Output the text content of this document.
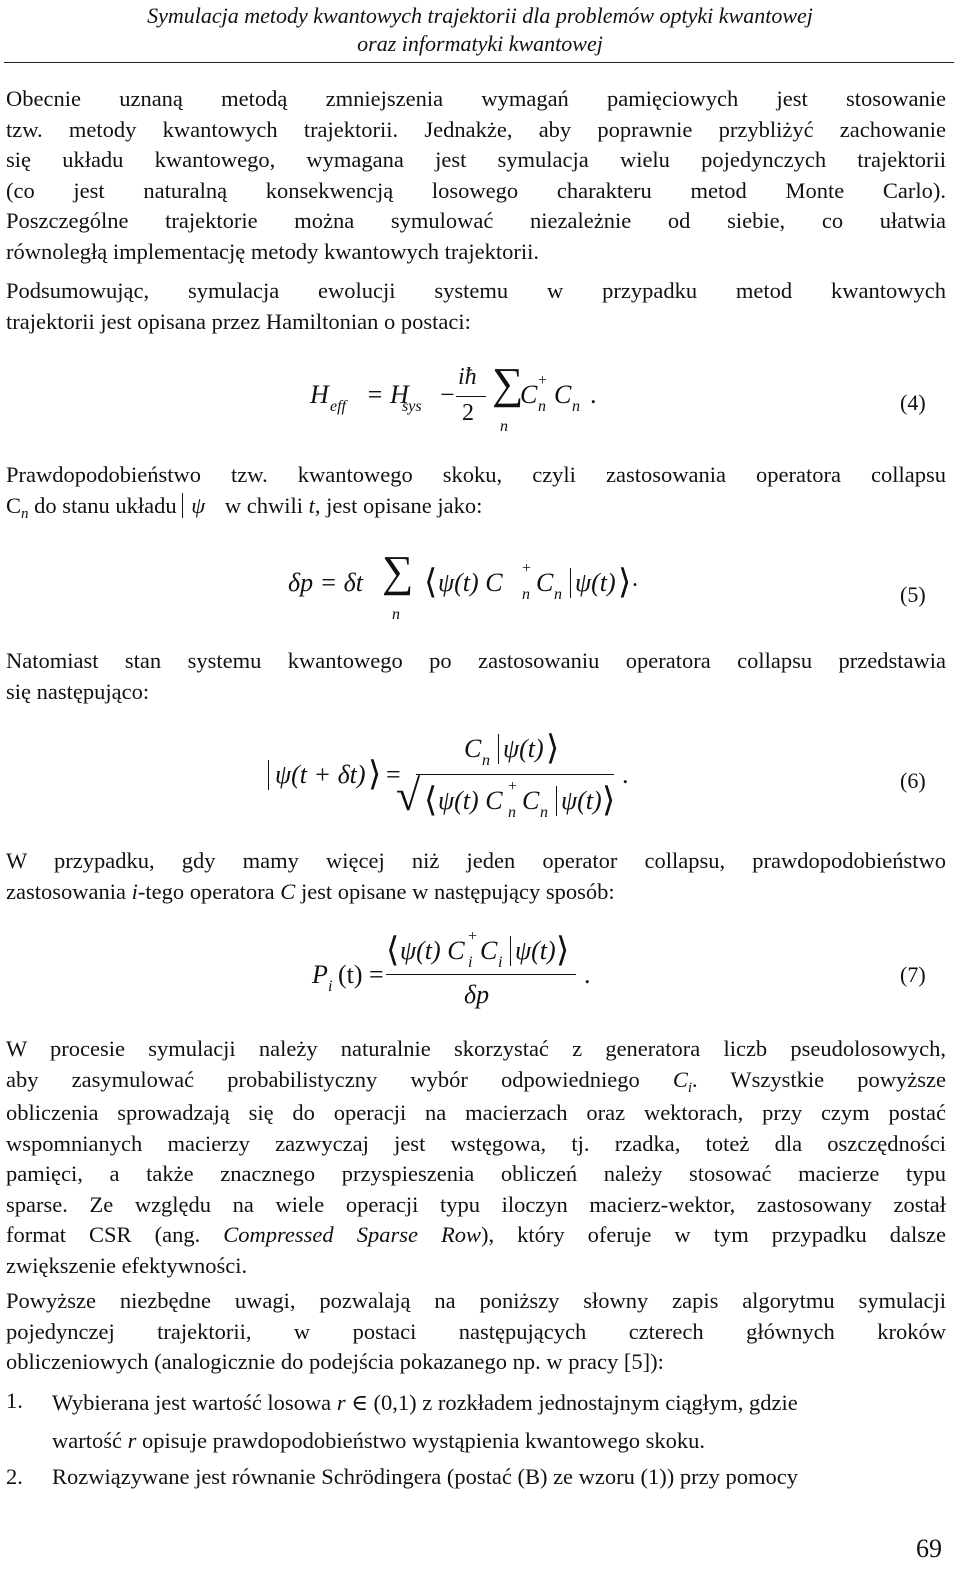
Symulacja metody kwantowych trajektorii dla problemów optyki kwantowej
oraz informatyki kwantowej
Obecnie uznaną metodą zmniejszenia wymagań pamięciowych jest stosowanie
tzw. metody kwantowych trajektorii. Jednakże, aby poprawnie przybliżyć zachowanie
się układu kwantowego, wymagana jest symulacja wielu pojedynczych trajektorii
(co jest naturalną konsekwencją losowego charakteru metod Monte Carlo).
Poszczególne trajektorie można symulować niezależnie od siebie, co ułatwia
równoległą implementację metody kwantowych trajektorii.
Podsumowując, symulacja ewolucji systemu w przypadku metod kwantowych
trajektorii jest opisana przez Hamiltonian o postaci:
H eff = H
sys −
iħ
2
∑
n
C +
n C n .	(4)
Prawdopodobieństwo tzw. kwantowego skoku, czyli zastosowania operatora collapsu
$C_n$ do stanu układu ψ w chwili t, jest opisane jako:
δp = δt ∑
n
⟨ ψ(t) C +
n C n ψ(t) ⟩ .
(5)
Natomiast stan systemu kwantowego po zastosowaniu operatora collapsu przedstawia
się następująco:
ψ(t + δt) ⟩ =
C n ψ(t) ⟩
√ ⟨ ψ(t) C +
n C n ψ(t) ⟩
.	(6)
W przypadku, gdy mamy więcej niż jeden operator collapsu, prawdopodobieństwo
zastosowania i-tego operatora C jest opisane w następujący sposób:
P i (t) =
⟨ ψ(t) C +
i C i ψ(t) ⟩
δp
.	(7)
W procesie symulacji należy naturalnie skorzystać z generatora liczb pseudolosowych,
aby zasymulować probabilistyczny wybór odpowiedniego $C_i$. Wszystkie powyższe
obliczenia sprowadzają się do operacji na macierzach oraz wektorach, przy czym postać
wspomnianych macierzy zazwyczaj jest wstęgowa, tj. rzadka, toteż dla oszczędności
pamięci, a także znacznego przyspieszenia obliczeń należy stosować macierze typu
sparse. Ze względu na wiele operacji typu iloczyn macierz-wektor, zastosowany został
format CSR (ang. Compressed Sparse Row), który oferuje w tym przypadku dalsze
zwiększenie efektywności.
Powyższe niezbędne uwagi, pozwalają na poniższy słowny zapis algorytmu symulacji
pojedynczej trajektorii, w postaci następujących czterech głównych kroków
obliczeniowych (analogicznie do podejścia pokazanego np. w pracy [5]):
1. Wybierana jest wartość losowa r ∈ (0,1) z rozkładem jednostajnym ciągłym, gdzie
wartość r opisuje prawdopodobieństwo wystąpienia kwantowego skoku.
2. Rozwiązywane jest równanie Schrödingera (postać (B) ze wzoru (1)) przy pomocy
69
